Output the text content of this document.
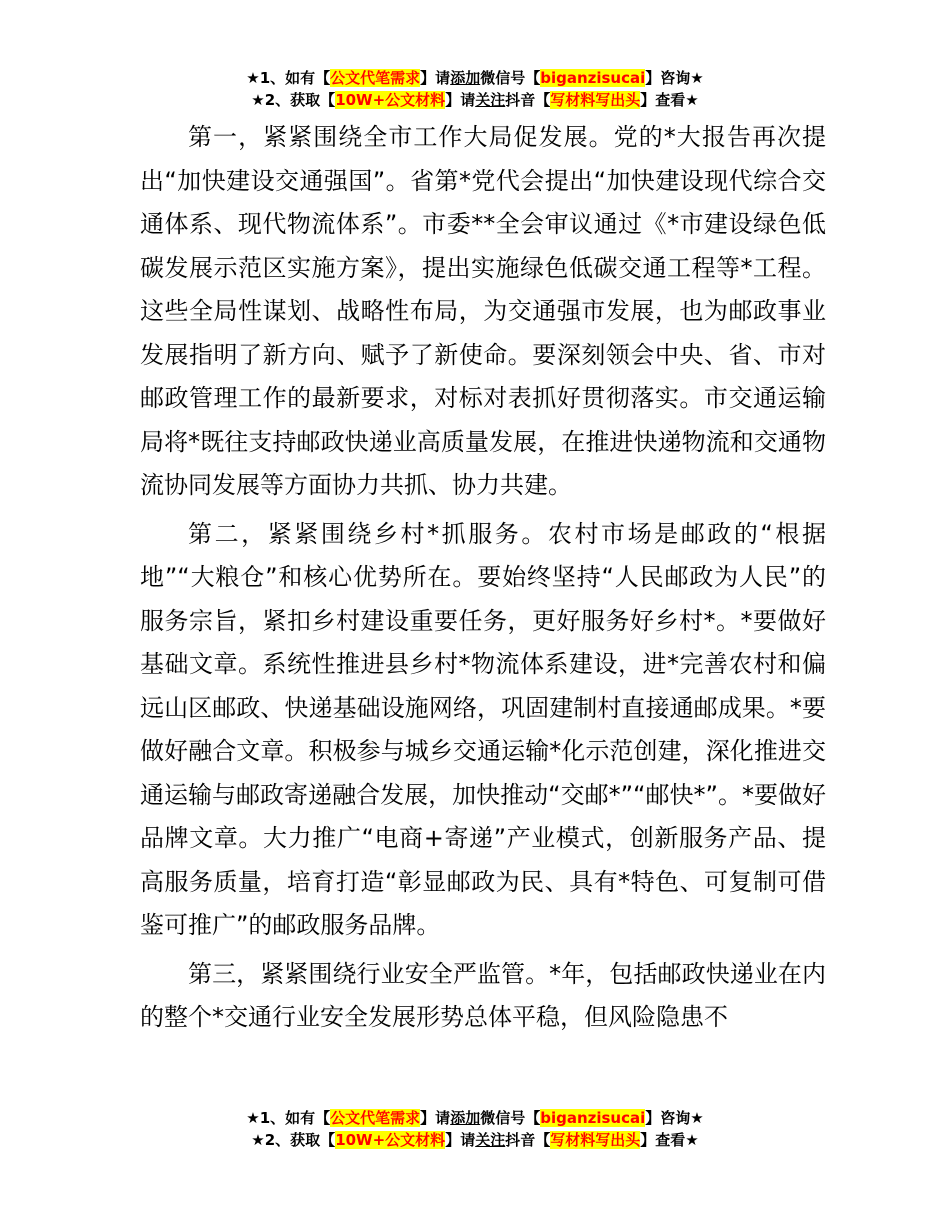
★1、如有【公文代笔需求】请添加微信号【biganzisucai】咨询★
★2、获取【10W+公文材料】请关注抖音【写材料写出头】查看★

第一，紧紧围绕全市工作大局促发展。党的*大报告再次提出“加快建设交通强国”。省第*党代会提出“加快建设现代综合交通体系、现代物流体系”。市委**全会审议通过《*市建设绿色低碳发展示范区实施方案》，提出实施绿色低碳交通工程等*工程。这些全局性谋划、战略性布局，为交通强市发展，也为邮政事业发展指明了新方向、赋予了新使命。要深刻领会中央、省、市对邮政管理工作的最新要求，对标对表抓好贯彻落实。市交通运输局将*既往支持邮政快递业高质量发展，在推进快递物流和交通物流协同发展等方面协力共抓、协力共建。

第二，紧紧围绕乡村*抓服务。农村市场是邮政的“根据地”“大粮仓”和核心优势所在。要始终坚持“人民邮政为人民”的服务宗旨，紧扣乡村建设重要任务，更好服务好乡村*。*要做好基础文章。系统性推进县乡村*物流体系建设，进*完善农村和偏远山区邮政、快递基础设施网络，巩固建制村直接通邮成果。*要做好融合文章。积极参与城乡交通运输*化示范创建，深化推进交通运输与邮政寄递融合发展，加快推动“交邮*”“邮快*”。*要做好品牌文章。大力推广“电商+寄递”产业模式，创新服务产品、提高服务质量，培育打造“彰显邮政为民、具有*特色、可复制可借鉴可推广”的邮政服务品牌。

第三，紧紧围绕行业安全严监管。*年，包括邮政快递业在内的整个*交通行业安全发展形势总体平稳，但风险隐患不

★1、如有【公文代笔需求】请添加微信号【biganzisucai】咨询★
★2、获取【10W+公文材料】请关注抖音【写材料写出头】查看★
